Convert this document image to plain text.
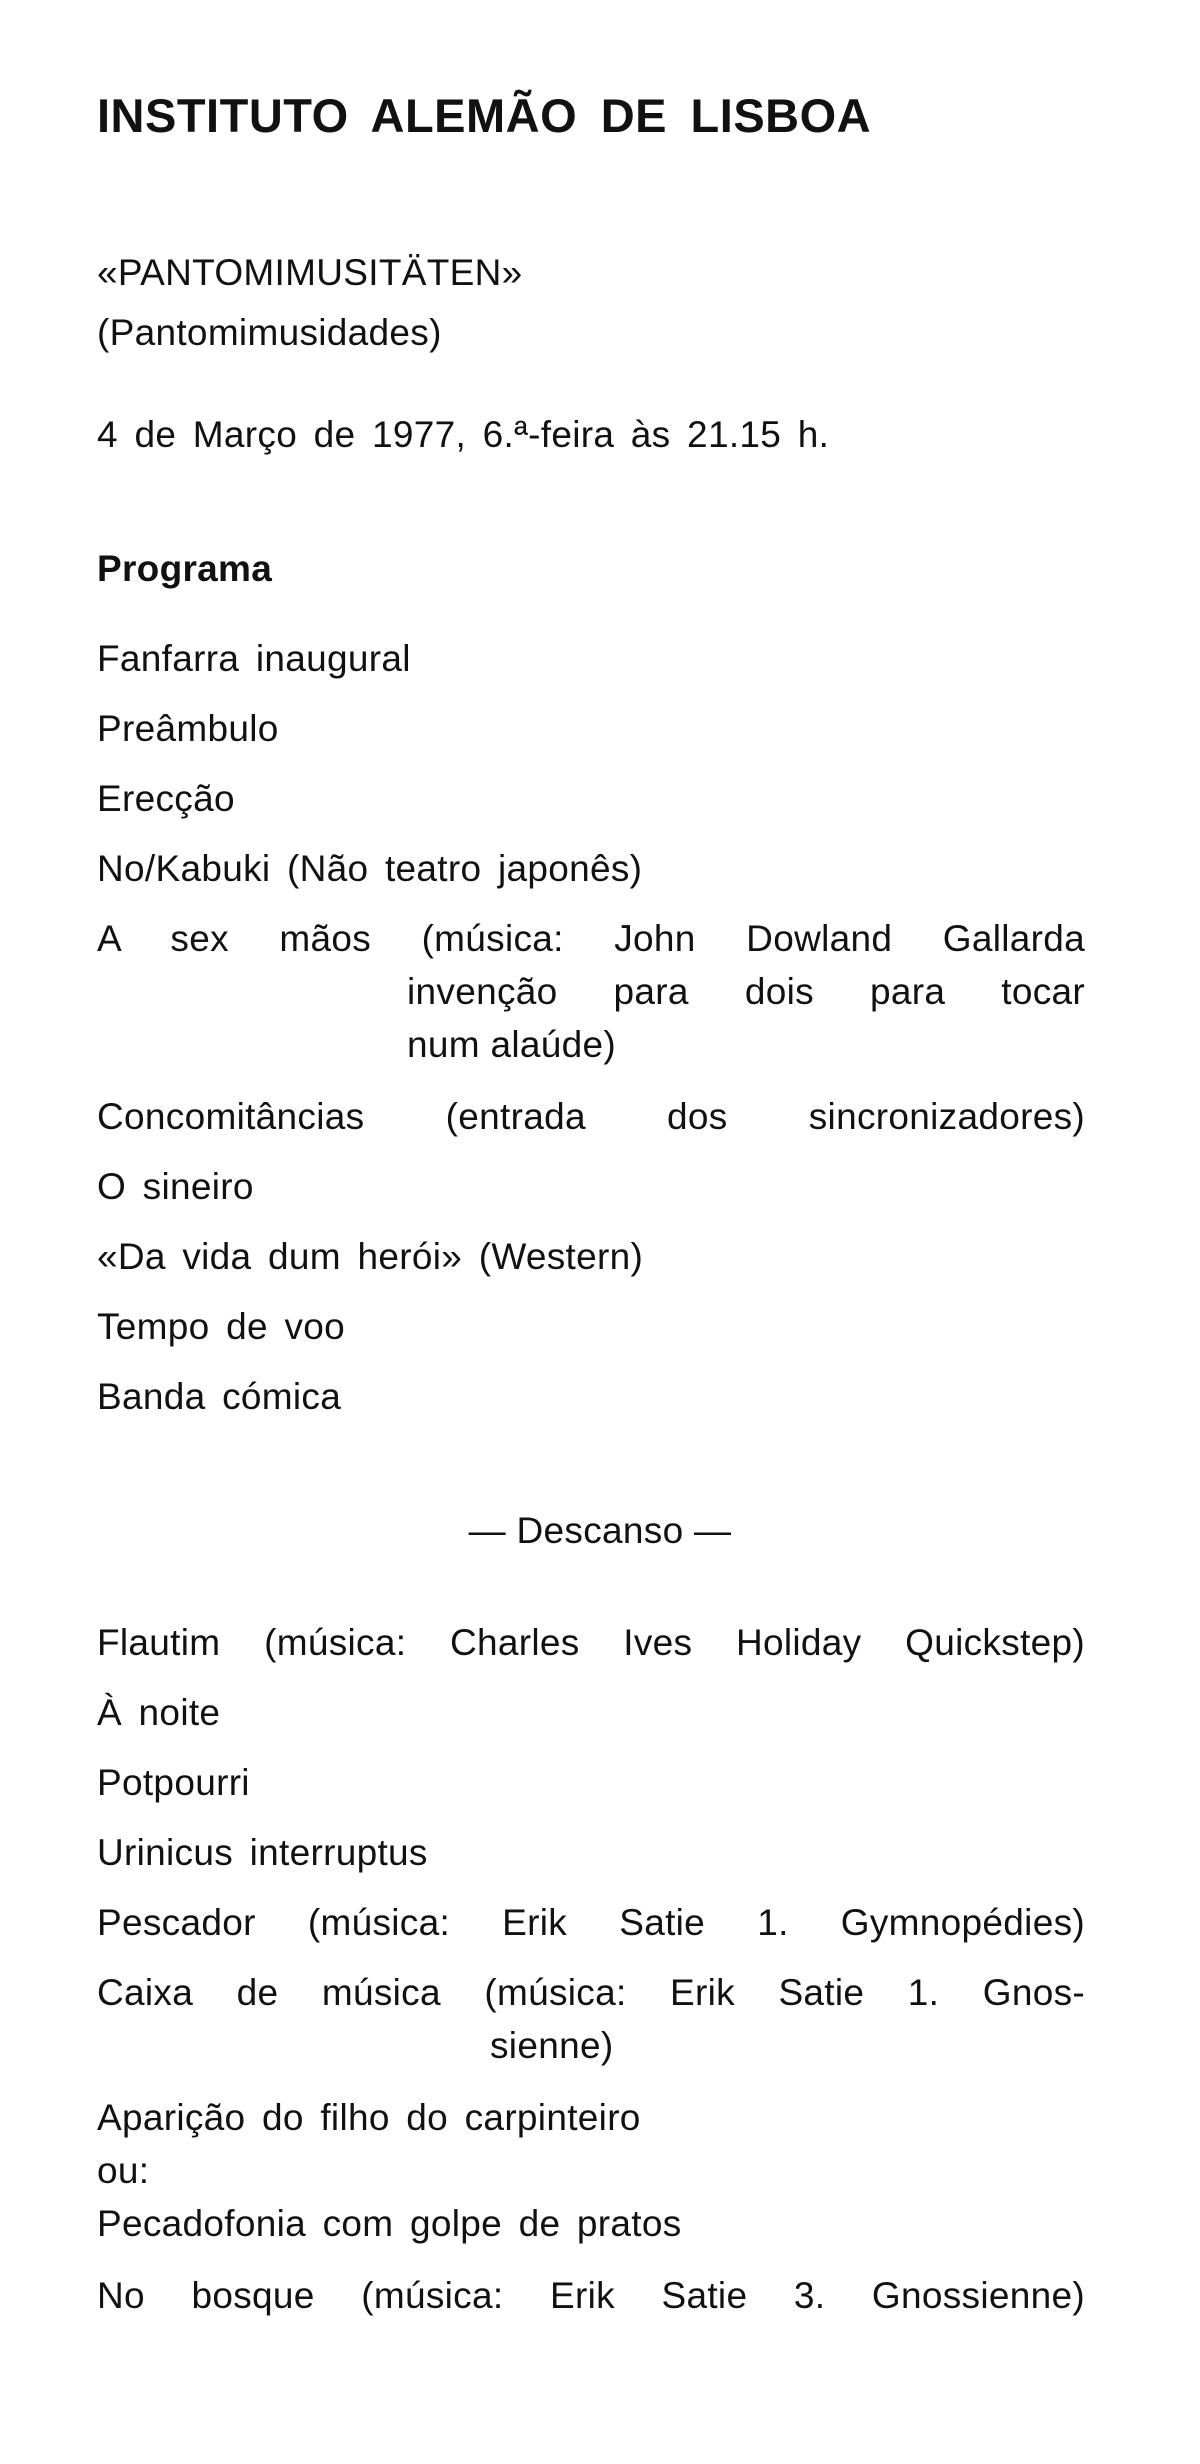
INSTITUTO ALEMÃO DE LISBOA
«PANTOMIMUSITÄTEN»
(Pantomimusidades)
4 de Março de 1977, 6.ª-feira às 21.15 h.
Programa
Fanfarra inaugural
Preâmbulo
Erecção
No/Kabuki (Não teatro japonês)
A sex mãos (música: John Dowland Gallarda
invenção para dois para tocar
num alaúde)
Concomitâncias (entrada dos sincronizadores)
O sineiro
«Da vida dum herói» (Western)
Tempo de voo
Banda cómica
— Descanso —
Flautim (música: Charles Ives Holiday Quickstep)
À noite
Potpourri
Urinicus interruptus
Pescador (música: Erik Satie 1. Gymnopédies)
Caixa de música (música: Erik Satie 1. Gnos-
sienne)
Aparição do filho do carpinteiro
ou:
Pecadofonia com golpe de pratos
No bosque (música: Erik Satie 3. Gnossienne)
